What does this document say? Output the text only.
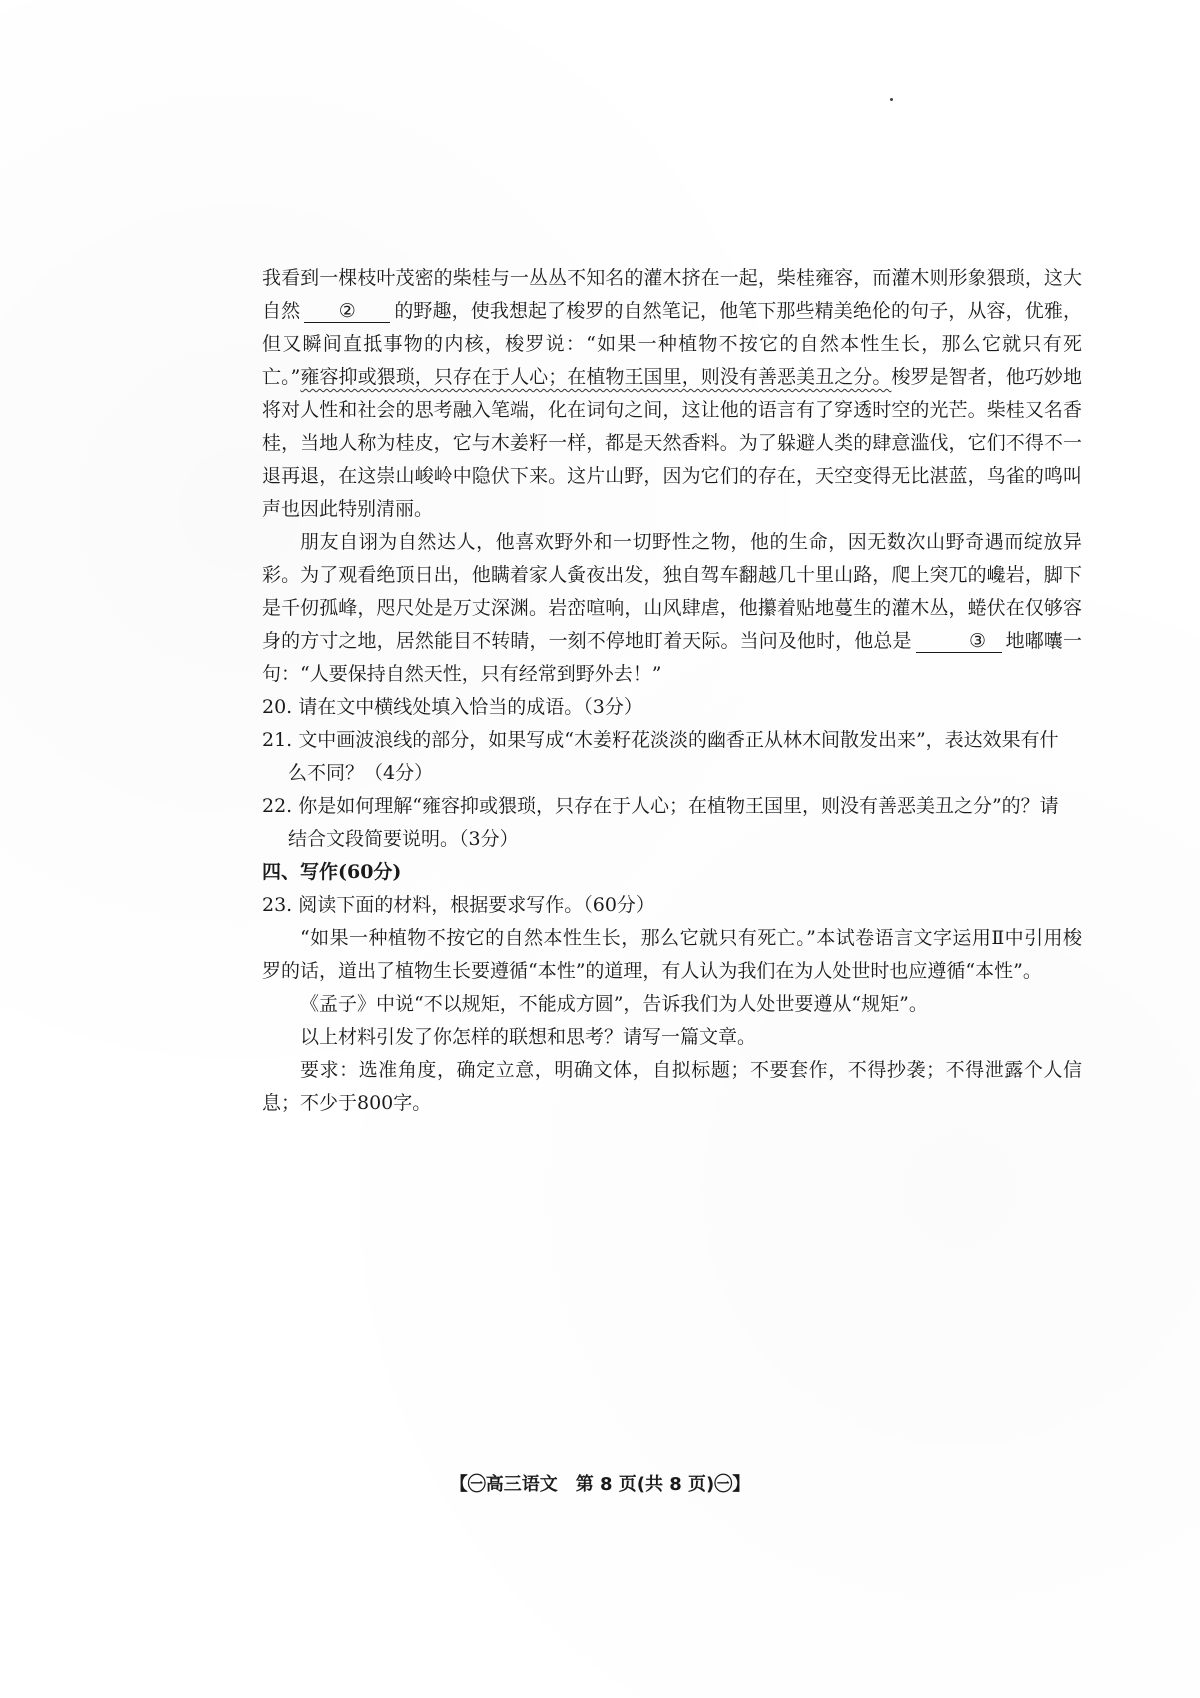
我看到一棵枝叶茂密的柴桂与一丛丛不知名的灌木挤在一起，柴桂雍容，而灌木则形象猥琐，这大自然 ② 的野趣，使我想起了梭罗的自然笔记，他笔下那些精美绝伦的句子，从容，优雅，但又瞬间直抵事物的内核，梭罗说：“如果一种植物不按它的自然本性生长，那么它就只有死亡。”雍容抑或猥琐，只存在于人心；在植物王国里，则没有善恶美丑之分。梭罗是智者，他巧妙地将对人性和社会的思考融入笔端，化在词句之间，这让他的语言有了穿透时空的光芒。柴桂又名香桂，当地人称为桂皮，它与木姜籽一样，都是天然香料。为了躲避人类的肆意滥伐，它们不得不一退再退，在这崇山峻岭中隐伏下来。这片山野，因为它们的存在，天空变得无比湛蓝，鸟雀的鸣叫声也因此特别清丽。

朋友自诩为自然达人，他喜欢野外和一切野性之物，他的生命，因无数次山野奇遇而绽放异彩。为了观看绝顶日出，他瞒着家人夤夜出发，独自驾车翻越几十里山路，爬上突兀的巉岩，脚下是千仞孤峰，咫尺处是万丈深渊。岩峦喧响，山风肆虐，他攥着贴地蔓生的灌木丛，蜷伏在仅够容身的方寸之地，居然能目不转睛，一刻不停地盯着天际。当问及他时，他总是	③ 地嘟囔一句：“人要保持自然天性，只有经常到野外去！”

20. 请在文中横线处填入恰当的成语。（3分）

21. 文中画波浪线的部分，如果写成“木姜籽花淡淡的幽香正从林木间散发出来”，表达效果有什
么不同？（4分）

22. 你是如何理解“雍容抑或猥琐，只存在于人心；在植物王国里，则没有善恶美丑之分”的？请
结合文段简要说明。（3分）

四、写作(60分)

23. 阅读下面的材料，根据要求写作。（60分）

“如果一种植物不按它的自然本性生长，那么它就只有死亡。”本试卷语言文字运用Ⅱ中引用梭罗的话，道出了植物生长要遵循“本性”的道理，有人认为我们在为人处世时也应遵循“本性”。

《孟子》中说“不以规矩，不能成方圆”，告诉我们为人处世要遵从“规矩”。

以上材料引发了你怎样的联想和思考？请写一篇文章。

要求：选准角度，确定立意，明确文体，自拟标题；不要套作，不得抄袭；不得泄露个人信息；不少于800字。

【㊀高三语文　第 8 页(共 8 页)㊀】
